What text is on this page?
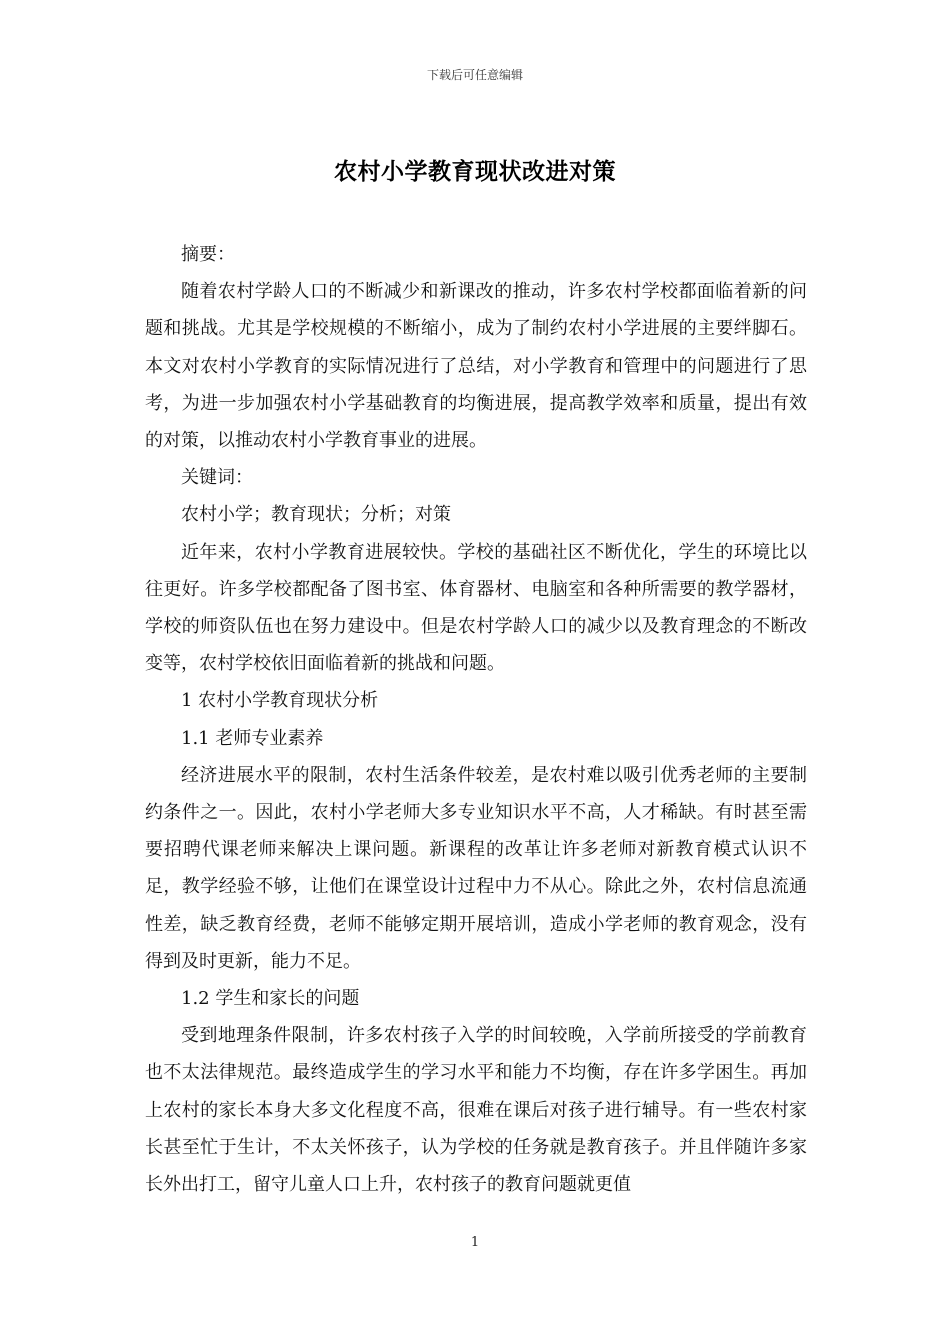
下载后可任意编辑
农村小学教育现状改进对策

摘要：

随着农村学龄人口的不断减少和新课改的推动，许多农村学校都面临着新的问题和挑战。尤其是学校规模的不断缩小，成为了制约农村小学进展的主要绊脚石。本文对农村小学教育的实际情况进行了总结，对小学教育和管理中的问题进行了思考，为进一步加强农村小学基础教育的均衡进展，提高教学效率和质量，提出有效的对策，以推动农村小学教育事业的进展。

关键词：

农村小学；教育现状；分析；对策

近年来，农村小学教育进展较快。学校的基础社区不断优化，学生的环境比以往更好。许多学校都配备了图书室、体育器材、电脑室和各种所需要的教学器材，学校的师资队伍也在努力建设中。但是农村学龄人口的减少以及教育理念的不断改变等，农村学校依旧面临着新的挑战和问题。

1 农村小学教育现状分析

1.1 老师专业素养

经济进展水平的限制，农村生活条件较差，是农村难以吸引优秀老师的主要制约条件之一。因此，农村小学老师大多专业知识水平不高，人才稀缺。有时甚至需要招聘代课老师来解决上课问题。新课程的改革让许多老师对新教育模式认识不足，教学经验不够，让他们在课堂设计过程中力不从心。除此之外，农村信息流通性差，缺乏教育经费，老师不能够定期开展培训，造成小学老师的教育观念，没有得到及时更新，能力不足。

1.2 学生和家长的问题

受到地理条件限制，许多农村孩子入学的时间较晚，入学前所接受的学前教育也不太法律规范。最终造成学生的学习水平和能力不均衡，存在许多学困生。再加上农村的家长本身大多文化程度不高，很难在课后对孩子进行辅导。有一些农村家长甚至忙于生计，不太关怀孩子，认为学校的任务就是教育孩子。并且伴随许多家长外出打工，留守儿童人口上升，农村孩子的教育问题就更值

1
